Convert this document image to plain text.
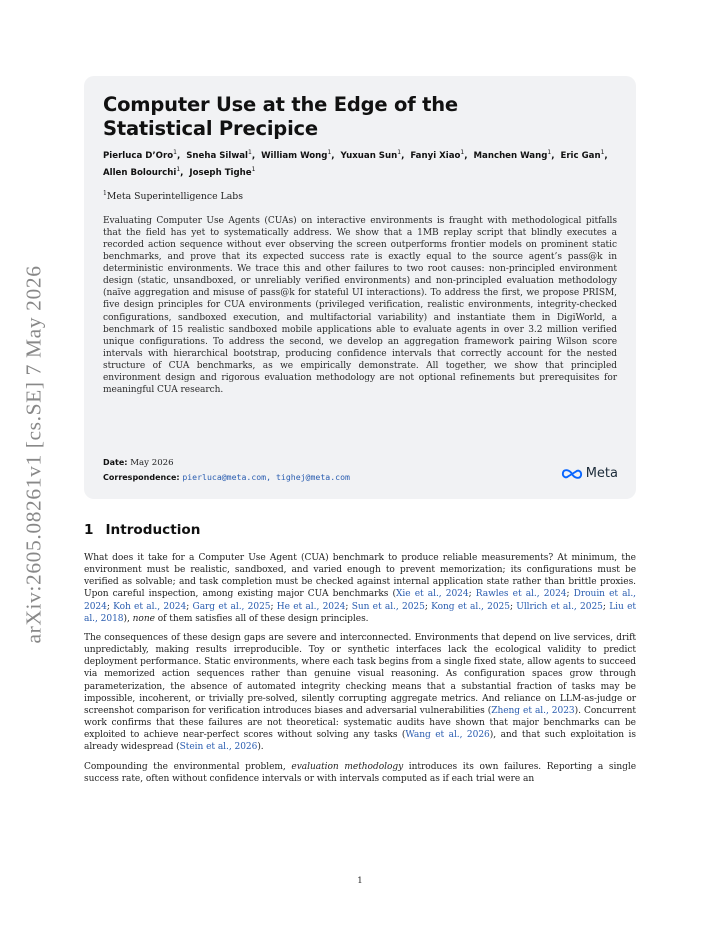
arXiv:2605.08261v1 [cs.SE] 7 May 2026
Computer Use at the Edge of the
Statistical Precipice
Pierluca D’Oro$^1$,  Sneha Silwal$^1$,  William Wong$^1$,  Yuxuan Sun$^1$,  Fanyi Xiao$^1$,  Manchen Wang$^1$,  Eric Gan$^1$,
Allen Bolourchi$^1$,  Joseph Tighe$^1$
$^1$Meta Superintelligence Labs
Evaluating Computer Use Agents (CUAs) on interactive environments is fraught with methodological pitfalls that the field has yet to systematically address. We show that a 1MB replay script that blindly executes a recorded action sequence without ever observing the screen outperforms frontier models on prominent static benchmarks, and prove that its expected success rate is exactly equal to the source agent’s pass@k in deterministic environments. We trace this and other failures to two root causes: non-principled environment design (static, unsandboxed, or unreliably verified environments) and non-principled evaluation methodology (naïve aggregation and misuse of pass@k for stateful UI interactions). To address the first, we propose PRISM, five design principles for CUA environments (privileged verification, realistic environments, integrity-checked configurations, sandboxed execution, and multifactorial variability) and instantiate them in DigiWorld, a benchmark of 15 realistic sandboxed mobile applications able to evaluate agents in over 3.2 million verified unique configurations. To address the second, we develop an aggregation framework pairing Wilson score intervals with hierarchical bootstrap, producing confidence intervals that correctly account for the nested structure of CUA benchmarks, as we empirically demonstrate. All together, we show that principled environment design and rigorous evaluation methodology are not optional refinements but prerequisites for meaningful CUA research.
Date: May 2026
Correspondence: pierluca@meta.com, tighej@meta.com	Meta
1 Introduction

What does it take for a Computer Use Agent (CUA) benchmark to produce reliable measurements? At minimum, the environment must be realistic, sandboxed, and varied enough to prevent memorization; its configurations must be verified as solvable; and task completion must be checked against internal application state rather than brittle proxies. Upon careful inspection, among existing major CUA benchmarks (Xie et al., 2024; Rawles et al., 2024; Drouin et al., 2024; Koh et al., 2024; Garg et al., 2025; He et al., 2024; Sun et al., 2025; Kong et al., 2025; Ullrich et al., 2025; Liu et al., 2018), none of them satisfies all of these design principles.

The consequences of these design gaps are severe and interconnected. Environments that depend on live services, drift unpredictably, making results irreproducible. Toy or synthetic interfaces lack the ecological validity to predict deployment performance. Static environments, where each task begins from a single fixed state, allow agents to succeed via memorized action sequences rather than genuine visual reasoning. As configuration spaces grow through parameterization, the absence of automated integrity checking means that a substantial fraction of tasks may be impossible, incoherent, or trivially pre-solved, silently corrupting aggregate metrics. And reliance on LLM-as-judge or screenshot comparison for verification introduces biases and adversarial vulnerabilities (Zheng et al., 2023). Concurrent work confirms that these failures are not theoretical: systematic audits have shown that major benchmarks can be exploited to achieve near-perfect scores without solving any tasks (Wang et al., 2026), and that such exploitation is already widespread (Stein et al., 2026).

Compounding the environmental problem, evaluation methodology introduces its own failures. Reporting a single success rate, often without confidence intervals or with intervals computed as if each trial were an

1
